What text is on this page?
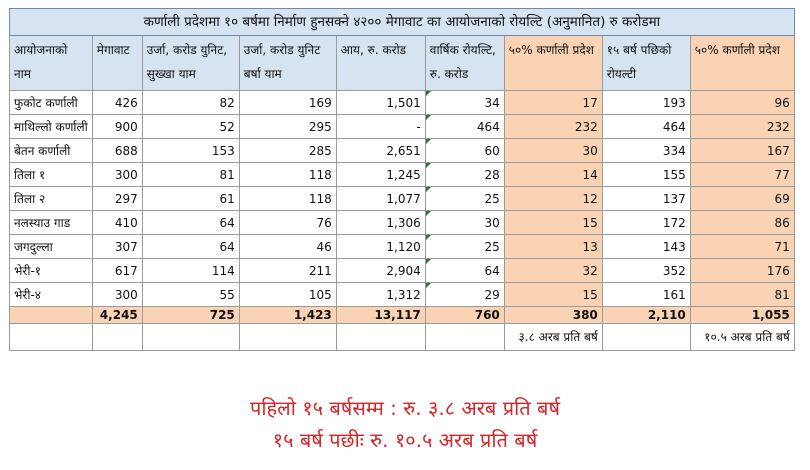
कर्णाली प्रदेशमा १० बर्षमा निर्माण हुनसक्ने ४२०० मेगावाट का आयोजनाको रोयल्टि (अनुमानित) रु करोडमा								
आयोजनाको नाम	मेगावाट	उर्जा, करोड युनिट, सुख्खा याम	उर्जा, करोड युनिट बर्षा याम	आय, रु. करोड	वार्षिक रोयल्टि, रु. करोड	५०% कर्णाली प्रदेश	१५ बर्ष पछिको रोयल्टी	५०% कर्णाली प्रदेश
फुकोट कर्णाली	426	82	169	1,501	34	17	193	96
माथिल्लो कर्णाली	900	52	295	-	464	232	464	232
बेतन कर्णाली	688	153	285	2,651	60	30	334	167
तिला १	300	81	118	1,245	28	14	155	77
तिला २	297	61	118	1,077	25	12	137	69
नलस्याउ गाड	410	64	76	1,306	30	15	172	86
जगदुल्ला	307	64	46	1,120	25	13	143	71
भेरी-१	617	114	211	2,904	64	32	352	176
भेरी-४	300	55	105	1,312	29	15	161	81
	4,245	725	1,423	13,117	760	380	2,110	1,055
						३.८ अरब प्रति बर्ष		१०.५ अरब प्रति बर्ष
पहिलो १५ बर्षसम्म : रु. ३.८ अरब प्रति बर्ष
१५ बर्ष पछीः रु. १०.५ अरब प्रति बर्ष
